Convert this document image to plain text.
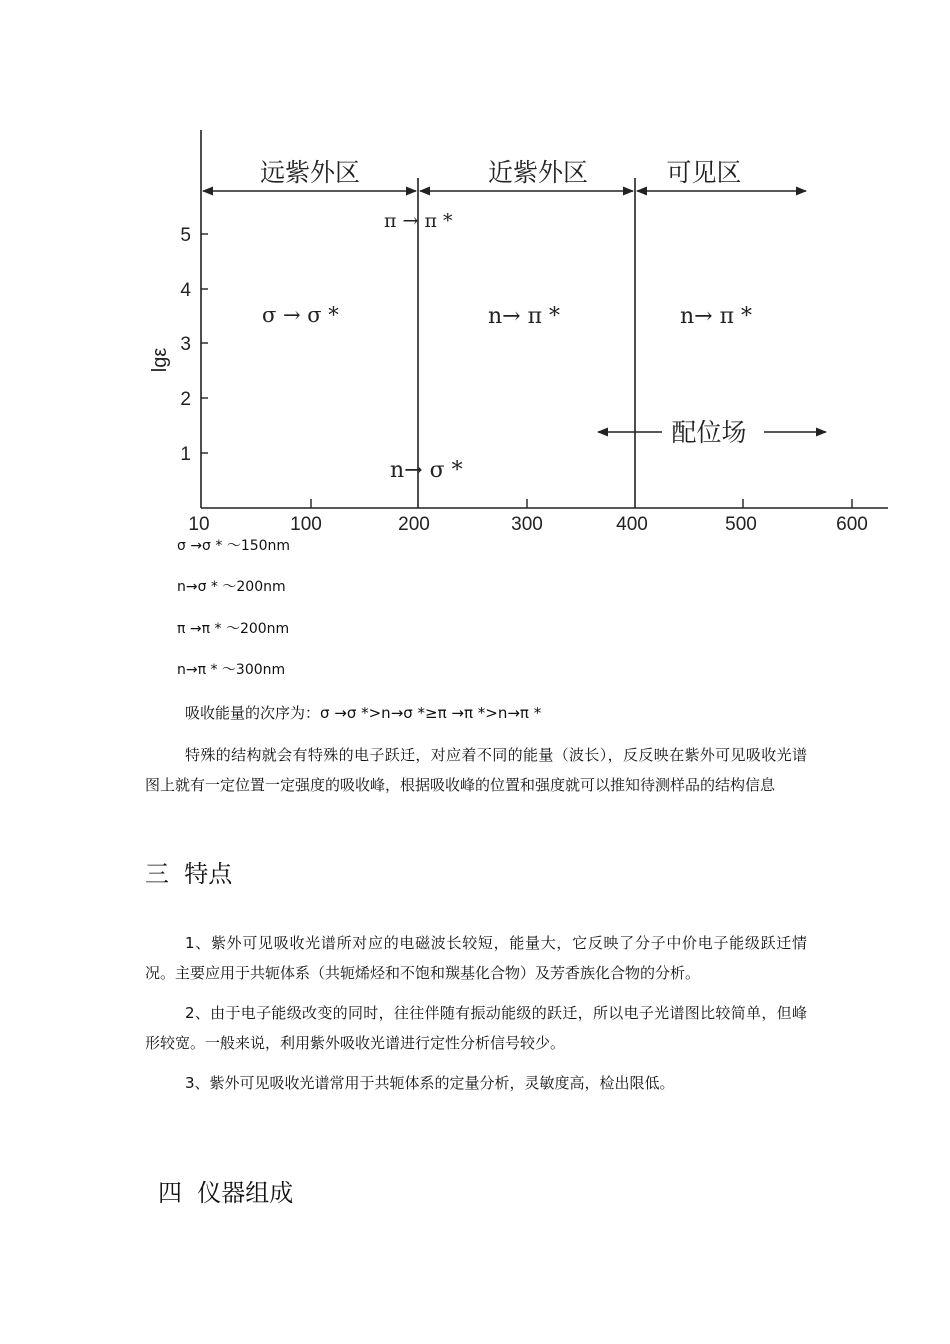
1
2
3
4
5
lgε
10	100	200	300	400	500	600
远紫外区	近紫外区	可见区
π → π *
σ → σ *	n→ π *	n→ π *
n→ σ *
配位场
σ →σ * ～150nm
n→σ * ～200nm
π →π * ～200nm
n→π * ～300nm
吸收能量的次序为：σ →σ *>n→σ *≥π →π *>n→π *

特殊的结构就会有特殊的电子跃迁，对应着不同的能量（波长），反反映在紫外可见吸收光谱图上就有一定位置一定强度的吸收峰，根据吸收峰的位置和强度就可以推知待测样品的结构信息

三  特点

1、紫外可见吸收光谱所对应的电磁波长较短，能量大，它反映了分子中价电子能级跃迁情况。主要应用于共轭体系（共轭烯烃和不饱和羰基化合物）及芳香族化合物的分析。

2、由于电子能级改变的同时，往往伴随有振动能级的跃迁，所以电子光谱图比较简单，但峰形较宽。一般来说，利用紫外吸收光谱进行定性分析信号较少。

3、紫外可见吸收光谱常用于共轭体系的定量分析，灵敏度高，检出限低。

四  仪器组成
